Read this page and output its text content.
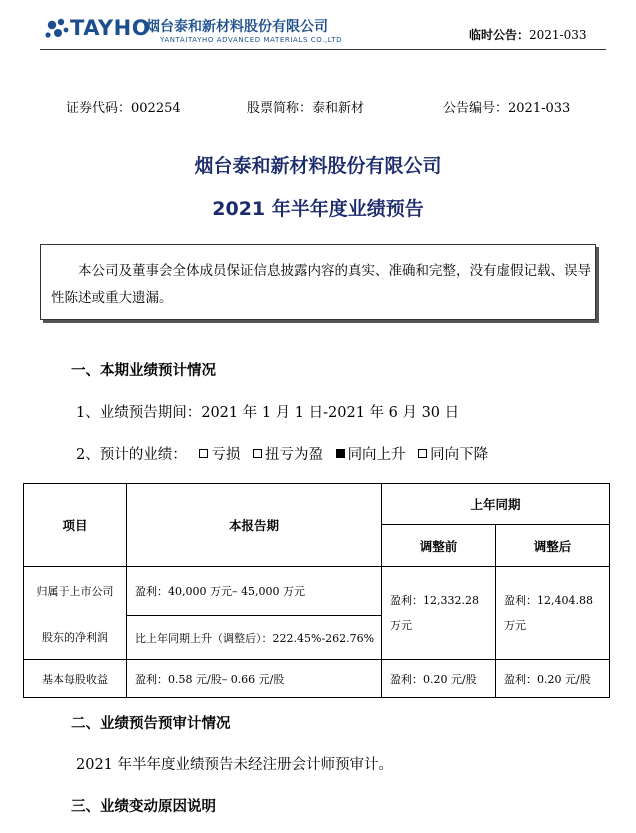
TAYHO
烟台泰和新材料股份有限公司
YANTAITAYHO ADVANCED MATERIALS CO.,LTD	临时公告：2021-033
证券代码：002254	股票简称：泰和新材	公告编号：2021-033
烟台泰和新材料股份有限公司
2021 年半年度业绩预告

本公司及董事会全体成员保证信息披露内容的真实、准确和完整，没有虚假记载、误导性陈述或重大遗漏。

一、本期业绩预计情况
1、业绩预告期间：2021 年 1 月 1 日-2021 年 6 月 30 日
2、预计的业绩： 亏损 扭亏为盈 同向上升 同向下降
项目	本报告期	上年同期	
		调整前	调整后
归属于上市公司	盈利：40,000 万元– 45,000 万元	盈利：12,332.28 万元	盈利：12,404.88 万元
股东的净利润	比上年同期上升（调整后）：222.45%-262.76%		
基本每股收益	盈利：0.58 元/股– 0.66 元/股	盈利：0.20 元/股	盈利：0.20 元/股
二、业绩预告预审计情况
2021 年半年度业绩预告未经注册会计师预审计。
三、业绩变动原因说明
